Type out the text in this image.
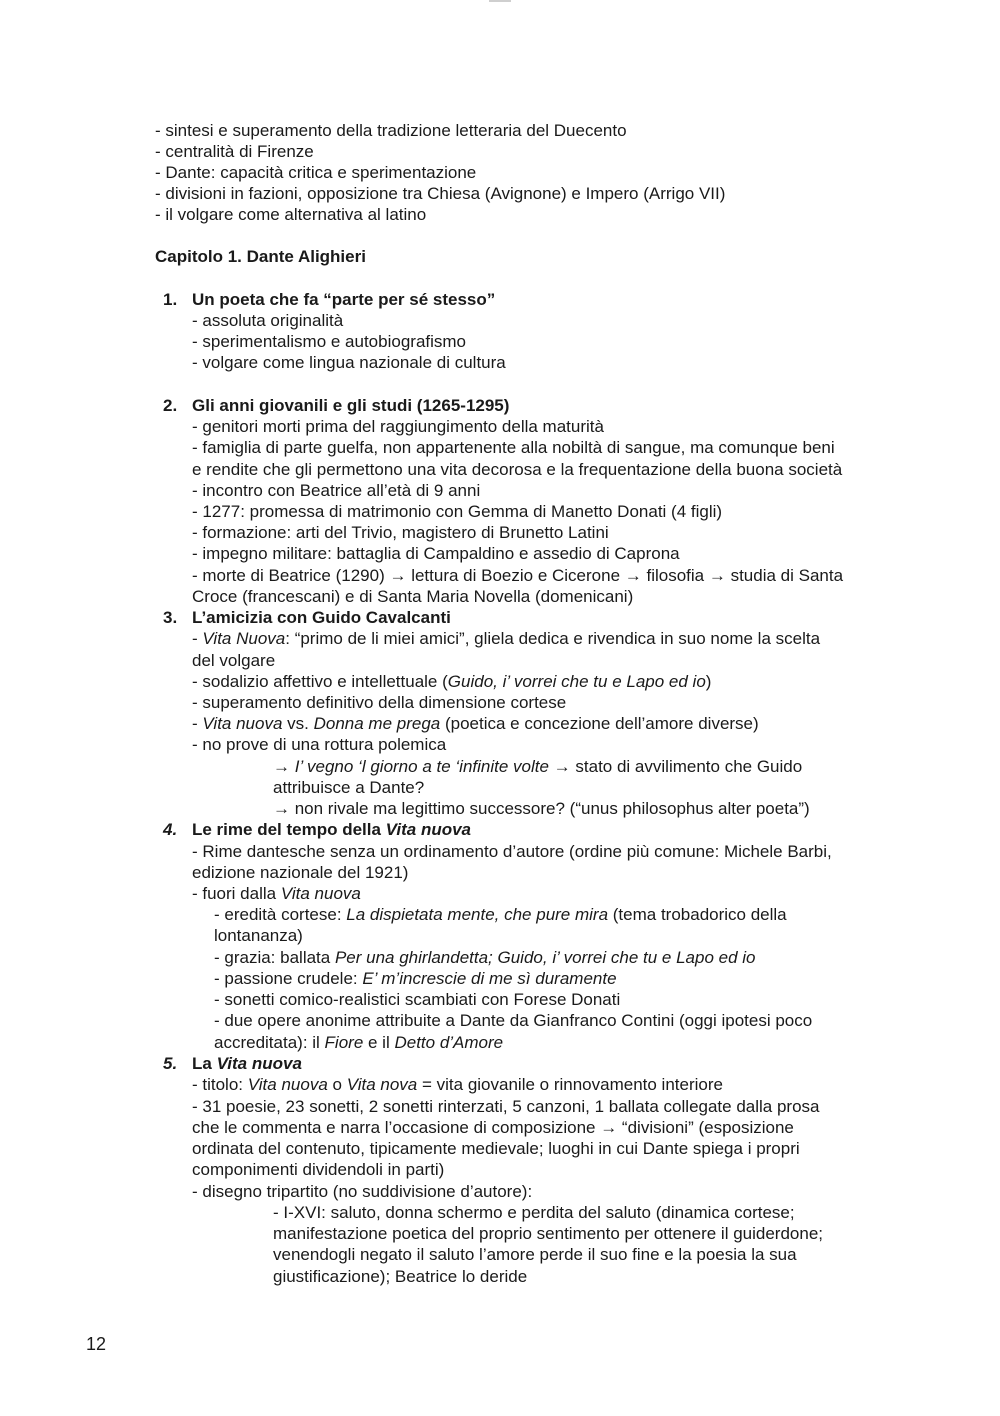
- sintesi e superamento della tradizione letteraria del Duecento
- centralità di Firenze
- Dante: capacità critica e sperimentazione
- divisioni in fazioni, opposizione tra Chiesa (Avignone) e Impero (Arrigo VII)
- il volgare come alternativa al latino
Capitolo 1. Dante Alighieri
1. Un poeta che fa “parte per sé stesso”
- assoluta originalità
- sperimentalismo e autobiografismo
- volgare come lingua nazionale di cultura
2. Gli anni giovanili e gli studi (1265-1295)
- genitori morti prima del raggiungimento della maturità
- famiglia di parte guelfa, non appartenente alla nobiltà di sangue, ma comunque beni
e rendite che gli permettono una vita decorosa e la frequentazione della buona società
- incontro con Beatrice all’età di 9 anni
- 1277: promessa di matrimonio con Gemma di Manetto Donati (4 figli)
- formazione: arti del Trivio, magistero di Brunetto Latini
- impegno militare: battaglia di Campaldino e assedio di Caprona
- morte di Beatrice (1290) → lettura di Boezio e Cicerone → filosofia → studia di Santa
Croce (francescani) e di Santa Maria Novella (domenicani)
3. L’amicizia con Guido Cavalcanti
- Vita Nuova: “primo de li miei amici”, gliela dedica e rivendica in suo nome la scelta
del volgare
- sodalizio affettivo e intellettuale (Guido, i’ vorrei che tu e Lapo ed io)
- superamento definitivo della dimensione cortese
- Vita nuova vs. Donna me prega (poetica e concezione dell’amore diverse)
- no prove di una rottura polemica
→ I’ vegno ‘l giorno a te ‘infinite volte → stato di avvilimento che Guido
attribuisce a Dante?
→ non rivale ma legittimo successore? (“unus philosophus alter poeta”)
4. Le rime del tempo della Vita nuova
- Rime dantesche senza un ordinamento d’autore (ordine più comune: Michele Barbi,
edizione nazionale del 1921)
- fuori dalla Vita nuova
- eredità cortese: La dispietata mente, che pure mira (tema trobadorico della
lontananza)
- grazia: ballata Per una ghirlandetta; Guido, i’ vorrei che tu e Lapo ed io
- passione crudele: E’ m’increscie di me sì duramente
- sonetti comico-realistici scambiati con Forese Donati
- due opere anonime attribuite a Dante da Gianfranco Contini (oggi ipotesi poco
accreditata): il Fiore e il Detto d’Amore
5. La Vita nuova
- titolo: Vita nuova o Vita nova = vita giovanile o rinnovamento interiore
- 31 poesie, 23 sonetti, 2 sonetti rinterzati, 5 canzoni, 1 ballata collegate dalla prosa
che le commenta e narra l’occasione di composizione → “divisioni” (esposizione
ordinata del contenuto, tipicamente medievale; luoghi in cui Dante spiega i propri
componimenti dividendoli in parti)
- disegno tripartito (no suddivisione d’autore):
- I-XVI: saluto, donna schermo e perdita del saluto (dinamica cortese;
manifestazione poetica del proprio sentimento per ottenere il guiderdone;
venendogli negato il saluto l’amore perde il suo fine e la poesia la sua
giustificazione); Beatrice lo deride
12
